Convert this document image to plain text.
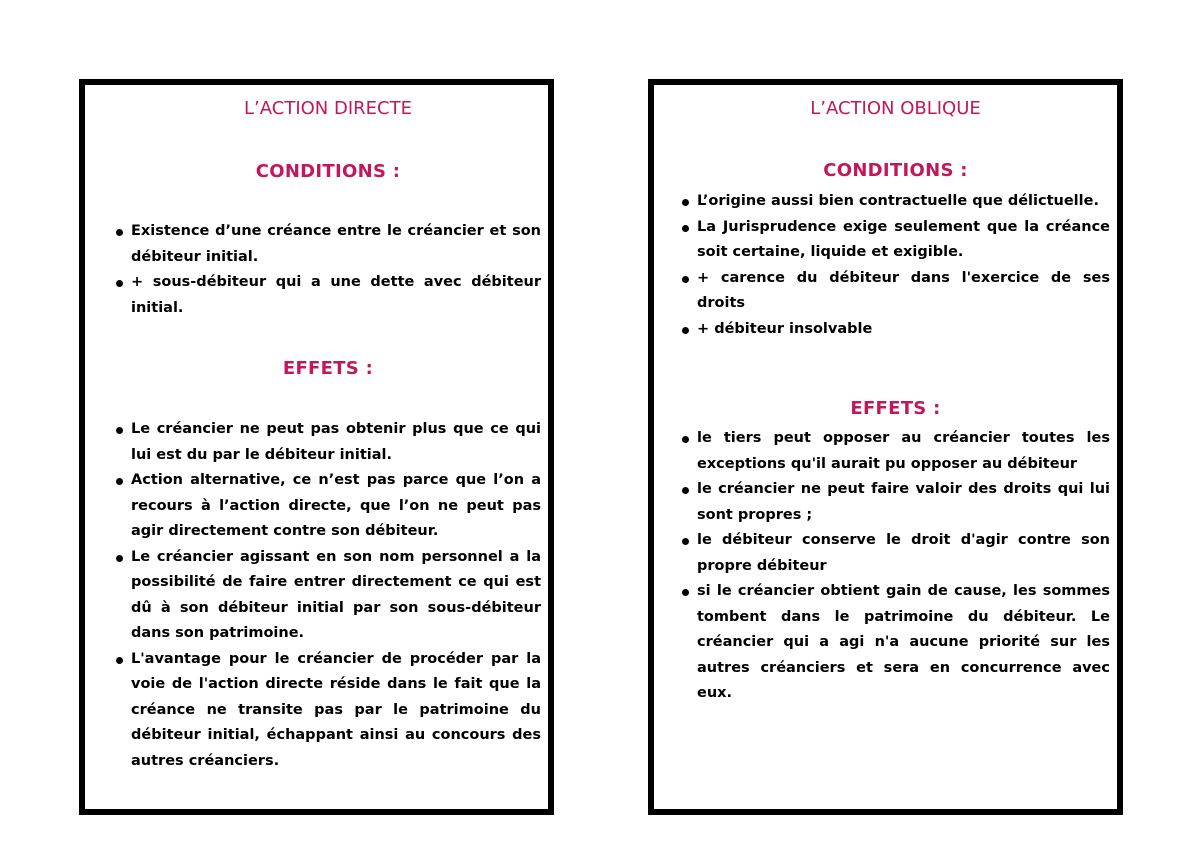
L’ACTION DIRECTE
CONDITIONS :
Existence d’une créance entre le créancier et son débiteur initial.
+ sous-débiteur qui a une dette avec débiteur initial.
EFFETS :
Le créancier ne peut pas obtenir plus que ce qui lui est du par le débiteur initial.
Action alternative, ce n’est pas parce que l’on a recours à l’action directe, que l’on ne peut pas agir directement contre son débiteur.
Le créancier agissant en son nom personnel a la possibilité de faire entrer directement ce qui est dû à son débiteur initial par son sous-débiteur dans son patrimoine.
L'avantage pour le créancier de procéder par la voie de l'action directe réside dans le fait que la créance ne transite pas par le patrimoine du débiteur initial, échappant ainsi au concours des autres créanciers.
L’ACTION OBLIQUE
CONDITIONS :
L’origine aussi bien contractuelle que délictuelle.
La Jurisprudence exige seulement que la créance soit certaine, liquide et exigible.
+ carence du débiteur dans l'exercice de ses droits
+ débiteur insolvable
EFFETS :
le tiers peut opposer au créancier toutes les exceptions qu'il aurait pu opposer au débiteur
le créancier ne peut faire valoir des droits qui lui sont propres ;
le débiteur conserve le droit d'agir contre son propre débiteur
si le créancier obtient gain de cause, les sommes tombent dans le patrimoine du débiteur. Le créancier qui a agi n'a aucune priorité sur les autres créanciers et sera en concurrence avec eux.
